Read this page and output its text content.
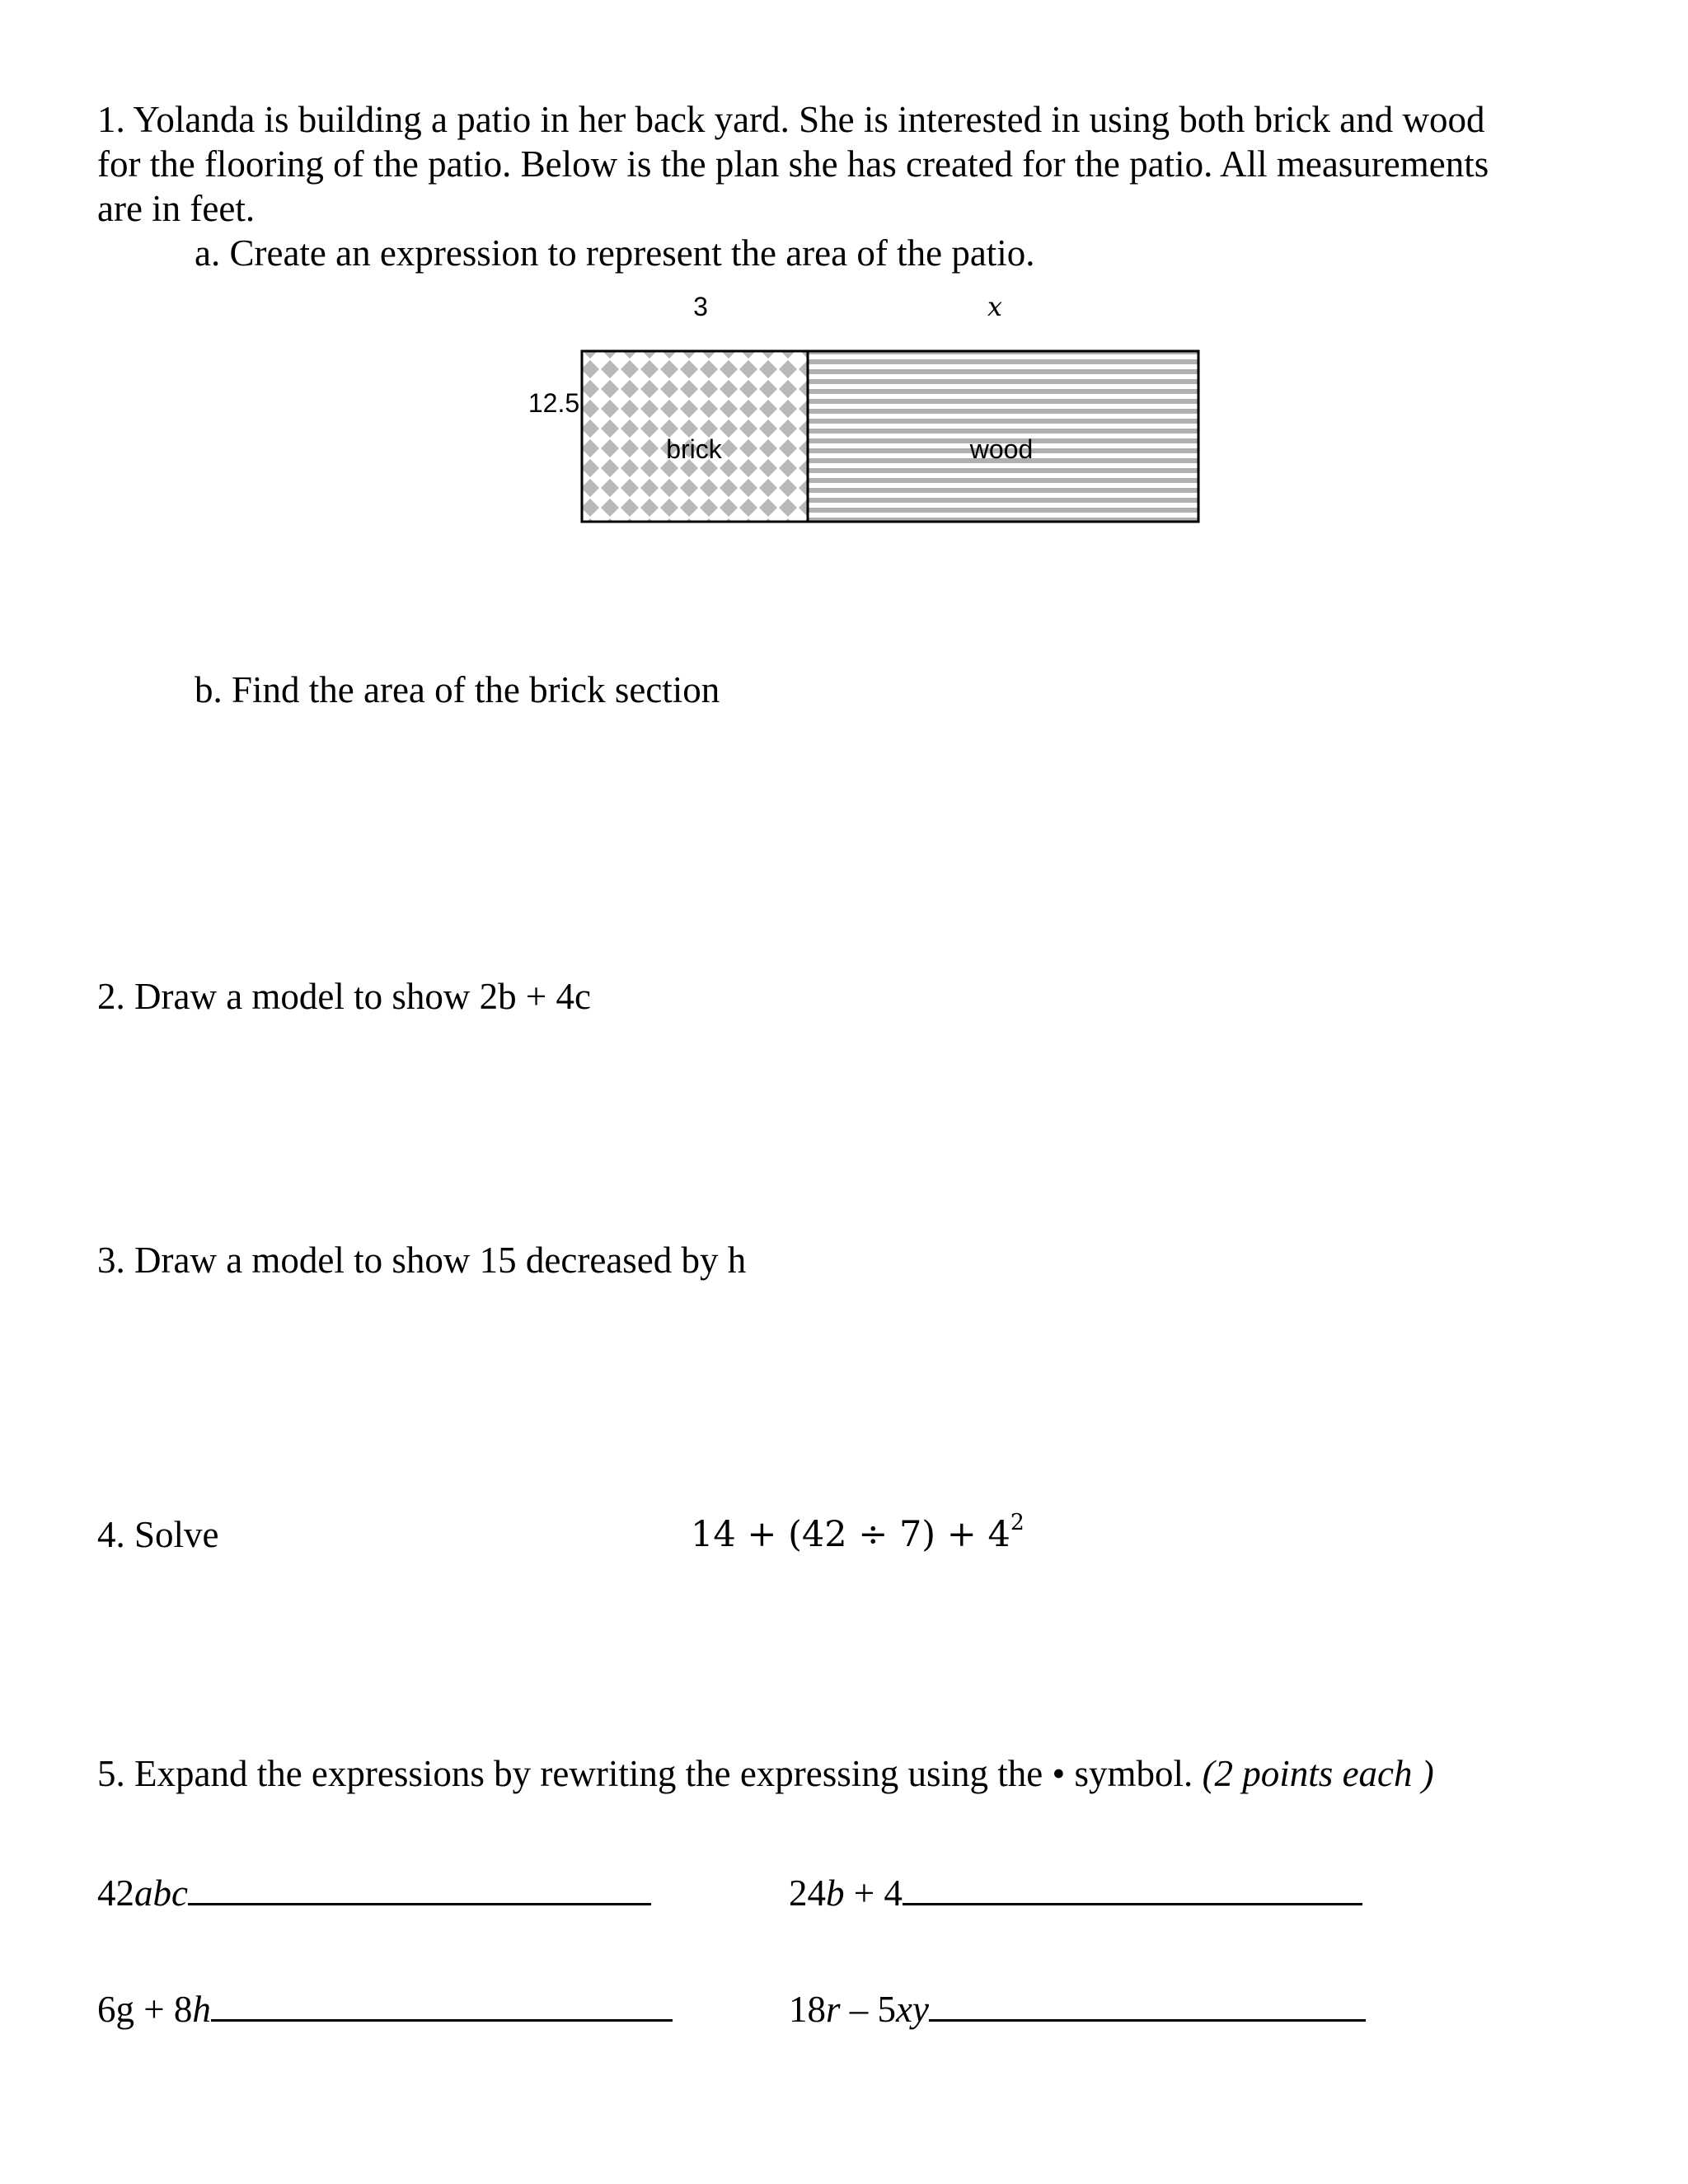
1. Yolanda is building a patio in her back yard. She is interested in using both brick and wood
for the flooring of the patio. Below is the plan she has created for the patio. All measurements
are in feet.
a. Create an expression to represent the area of the patio.
3	x
12.5
brick	wood
b. Find the area of the brick section
2. Draw a model to show 2b + 4c
3. Draw a model to show 15 decreased by h
4. Solve	$14 + (42 \div 7) + 4^2$
5. Expand the expressions by rewriting the expressing using the • symbol. (2 points each )
42abc	24b + 4
6g + 8h	18r – 5xy
